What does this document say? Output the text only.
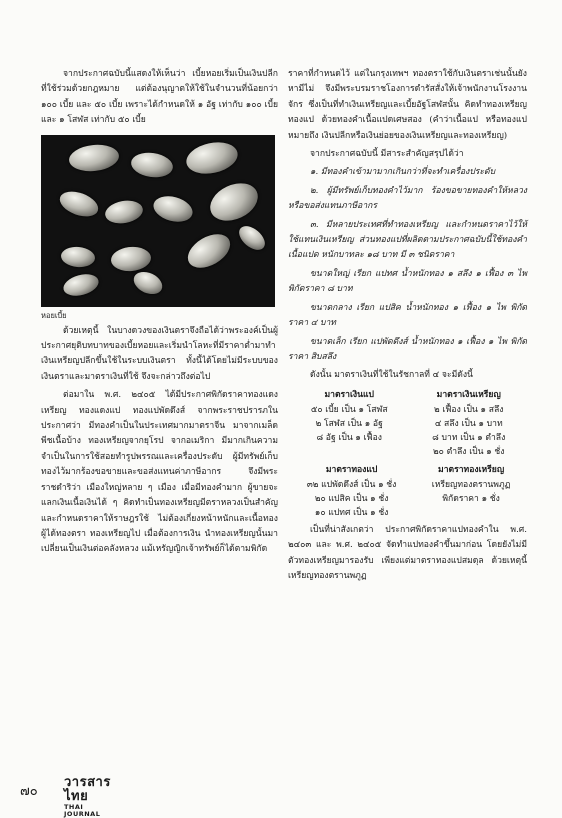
จากประกาศฉบับนี้แสดงให้เห็นว่า เบี้ยหอยเริ่มเป็นเงินปลีกที่ใช้ร่วมด้วยกฎหมาย แต่ต้องนุญาตให้ใช้ในจำนวนที่น้อยกว่า ๑๐๐ เบี้ย และ ๕๐ เบี้ย เพราะได้กำหนดให้ ๑ อัฐ เท่ากับ ๑๐๐ เบี้ย และ ๑ โสฬส เท่ากับ ๕๐ เบี้ย

หอยเบี้ย

ด้วยเหตุนี้ ในบางดวงของเงินตราจึงถือได้ว่าพระองค์เป็นผู้ประกาศยุติบทบาทของเบี้ยหอยและเริ่มนำโลหะที่มีราคาต่ำมาทำเงินเหรียญปลีกขึ้นใช้ในระบบเงินตรา ทั้งนี้ได้โดยไม่มีระบบของเงินตราและมาตราเงินที่ใช้ จึงจะกล่าวถึงต่อไป

ต่อมาใน พ.ศ. ๒๔๐๕ ได้มีประกาศพิกัดราคาทองแดงเหรียญ ทองแดงแป ทองแปพัดดึงส์ จากพระราชปรารภในประกาศว่า มีทองคำเป็นในประเทศมากมาตราจีน มาจากเมล็ดพีชเนื้อบ้าง ทองเหรียญจากยุโรป จากอเมริกา มีมากเกินความจำเป็นในการใช้สอยทำรูปพรรณและเครื่องประดับ ผู้มีทรัพย์เก็บทองไว้มากร้องขอขายและขอส่งแทนค่าภาษีอากร จึงมีพระราชดำริว่า เมืองใหญ่หลาย ๆ เมือง เมื่อมีทองคำมาก ผู้ขายจะแลกเงินเนื้อเงินได้ ๆ คิดทำเป็นทองเหรียญมีตราหลวงเป็นสำคัญ และกำหนดราคาให้ราษฎรใช้ ไม่ต้องเกี่ยงหน้าหนักและเนื้อทอง ผู้ได้ทองตรา ทองเหรียญไป เมื่อต้องการเงิน นำทองเหรียญนั้นมาเปลี่ยนเป็นเงินต่อคลังหลวง แม้เหรัญญิกเจ้าทรัพย์ก็ได้ตามพิกัด

ราคาที่กำหนดไว้ แต่ในกรุงเทพฯ ทองตราใช้กับเงินตราเช่นนั้นยังหามีไม่ จึงมีพระบรมราชโองการดำรัสสั่งให้เจ้าพนักงานโรงงานจักร ซึ่งเป็นที่ทำเงินเหรียญและเบี้ยอัฐโสฬสนั้น คิดทำทองเหรียญ ทองแป ด้วยทองคำเนื้อแปดเศษสอง (คำว่าเนื้อแป หรือทองแปหมายถึง เงินปลีกหรือเงินย่อยของเงินเหรียญและทองเหรียญ)

จากประกาศฉบับนี้ มีสาระสำคัญสรุปได้ว่า

๑. มีทองคำเข้ามามากเกินกว่าที่จะทำเครื่องประดับ

๒. ผู้มีทรัพย์เก็บทองคำไว้มาก ร้องขอขายทองคำให้หลวงหรือขอส่งแทนภาษีอากร

๓. มีหลายประเทศที่ทำทองเหรียญ และกำหนดราคาไว้ให้ใช้แทนเงินเหรียญ ส่วนทองแปที่ผลิตตามประกาศฉบับนี้ใช้ทองคำเนื้อแปด หนักบาทละ ๑๘ บาท มี ๓ ชนิดราคา

ขนาดใหญ่ เรียก แปทศ น้ำหนักทอง ๑ สลึง ๑ เฟื้อง ๓ ไพ พิกัดราคา ๘ บาท

ขนาดกลาง เรียก แปสิค น้ำหนักทอง ๑ เฟื้อง ๑ ไพ พิกัดราคา ๔ บาท

ขนาดเล็ก เรียก แปพัดดึงส์ น้ำหนักทอง ๑ เฟื้อง ๑ ไพ พิกัดราคา สิบสลึง

ดังนั้น มาตราเงินที่ใช้ในรัชกาลที่ ๔ จะมีดังนี้

มาตราเงินแป	มาตราเงินเหรียญ
๕๐ เบี้ย เป็น ๑ โสฬส	๒ เฟื้อง เป็น ๑ สลึง
๒ โสฬส เป็น ๑ อัฐ	๔ สลึง เป็น ๑ บาท
๘ อัฐ เป็น ๑ เฟื้อง	๘ บาท เป็น ๑ ตำลึง
	๒๐ ตำลึง เป็น ๑ ชั่ง
มาตราทองแป	มาตราทองเหรียญ
๓๒ แปพัดดึงส์ เป็น ๑ ชั่ง	เหรียญทองตรานพภูฏ
๒๐ แปสิค เป็น ๑ ชั่ง	พิกัดราคา ๑ ชั่ง
๑๐ แปทศ เป็น ๑ ชั่ง	

เป็นที่น่าสังเกตว่า ประกาศพิกัดราคาแปทองคำใน พ.ศ. ๒๔๐๓ และ พ.ศ. ๒๔๐๕ จัดทำแปทองคำขึ้นมาก่อน โดยยังไม่มีตัวทองเหรียญมารองรับ เพียงแต่มาตราทองแปสมดุล ด้วยเหตุนี้เหรียญทองตรานพภูฏ

๗๐
วารสารไทย
THAI JOURNAL
